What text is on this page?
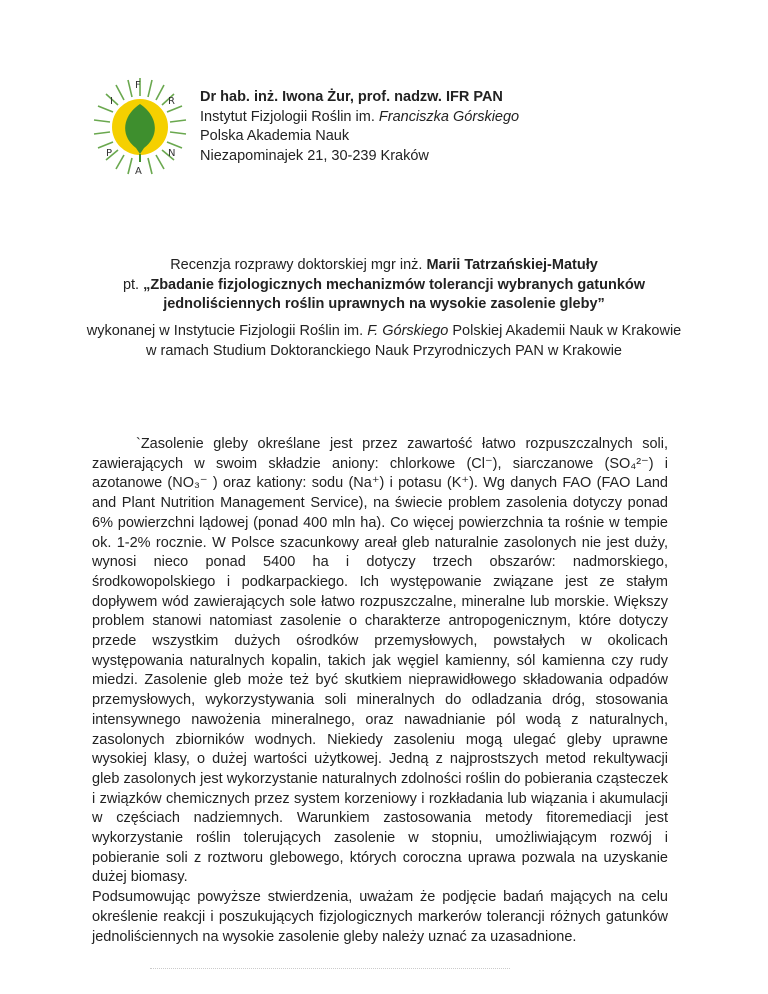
I
F
R
P
A
N
Dr hab. inż. Iwona Żur, prof. nadzw. IFR PAN
Instytut Fizjologii Roślin im. Franciszka Górskiego
Polska Akademia Nauk
Niezapominajek 21, 30-239 Kraków
Recenzja rozprawy doktorskiej mgr inż. Marii Tatrzańskiej-Matuły
pt. „Zbadanie fizjologicznych mechanizmów tolerancji wybranych gatunków
jednoliściennych roślin uprawnych na wysokie zasolenie gleby”
wykonanej w Instytucie Fizjologii Roślin im. F. Górskiego Polskiej Akademii Nauk w Krakowie
w ramach Studium Doktoranckiego Nauk Przyrodniczych PAN w Krakowie

`Zasolenie gleby określane jest przez zawartość łatwo rozpuszczalnych soli, zawierających w swoim składzie aniony: chlorkowe (Cl⁻), siarczanowe (SO₄²⁻) i azotanowe (NO₃⁻ ) oraz kationy: sodu (Na⁺) i potasu (K⁺). Wg danych FAO (FAO Land and Plant Nutrition Management Service), na świecie problem zasolenia dotyczy ponad 6% powierzchni lądowej (ponad 400 mln ha). Co więcej powierzchnia ta rośnie w tempie ok. 1-2% rocznie. W Polsce szacunkowy areał gleb naturalnie zasolonych nie jest duży, wynosi nieco ponad 5400 ha i dotyczy trzech obszarów: nadmorskiego, środkowopolskiego i podkarpackiego. Ich występowanie związane jest ze stałym dopływem wód zawierających sole łatwo rozpuszczalne, mineralne lub morskie. Większy problem stanowi natomiast zasolenie o charakterze antropogenicznym, które dotyczy przede wszystkim dużych ośrodków przemysłowych, powstałych w okolicach występowania naturalnych kopalin, takich jak węgiel kamienny, sól kamienna czy rudy miedzi. Zasolenie gleb może też być skutkiem nieprawidłowego składowania odpadów przemysłowych, wykorzystywania soli mineralnych do odladzania dróg, stosowania intensywnego nawożenia mineralnego, oraz nawadnianie pól wodą z naturalnych, zasolonych zbiorników wodnych. Niekiedy zasoleniu mogą ulegać gleby uprawne wysokiej klasy, o dużej wartości użytkowej. Jedną z najprostszych metod rekultywacji gleb zasolonych jest wykorzystanie naturalnych zdolności roślin do pobierania cząsteczek i związków chemicznych przez system korzeniowy i rozkładania lub wiązania i akumulacji w częściach nadziemnych. Warunkiem zastosowania metody fitoremediacji jest wykorzystanie roślin tolerujących zasolenie w stopniu, umożliwiającym rozwój i pobieranie soli z roztworu glebowego, których coroczna uprawa pozwala na uzyskanie dużej biomasy.

Podsumowując powyższe stwierdzenia, uważam że podjęcie badań mających na celu określenie reakcji i poszukujących fizjologicznych markerów tolerancji różnych gatunków jednoliściennych na wysokie zasolenie gleby należy uznać za uzasadnione.
